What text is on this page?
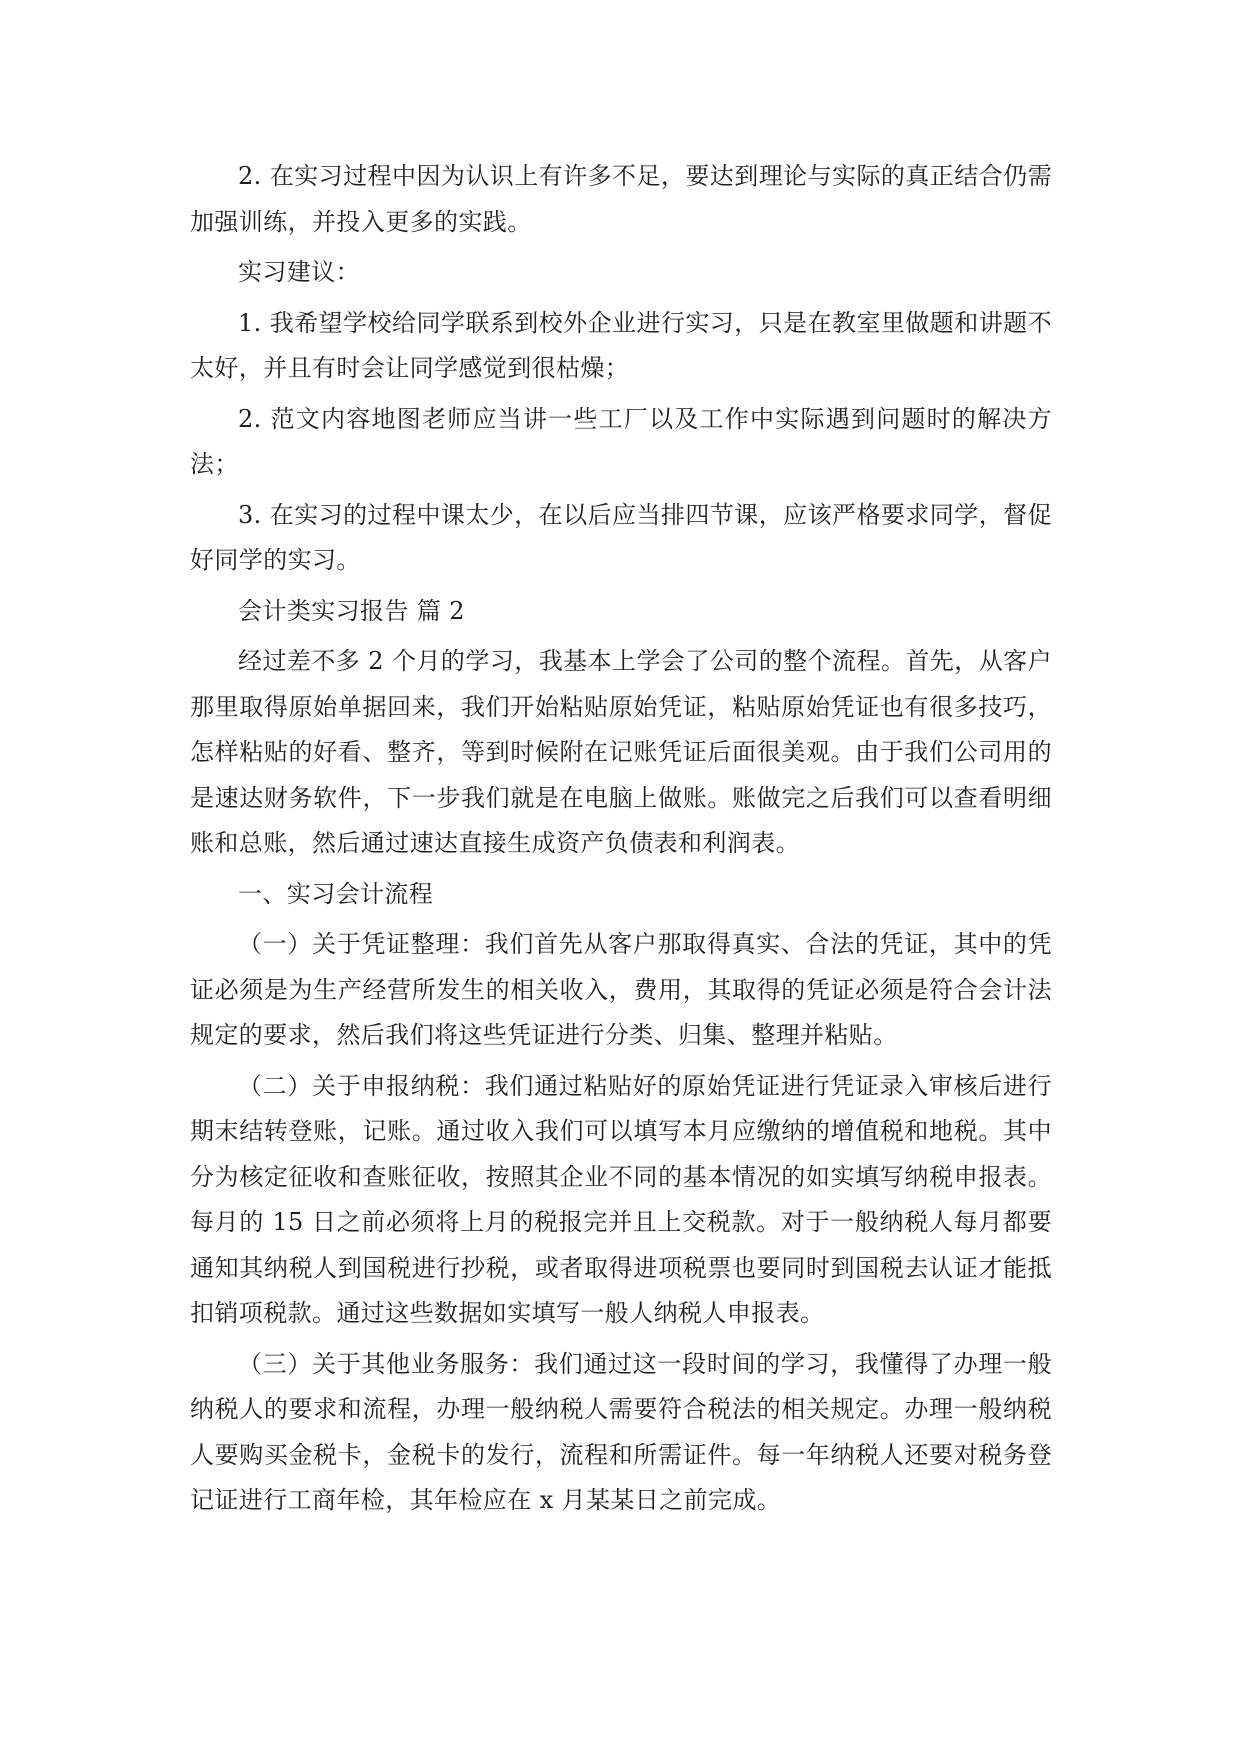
2. 在实习过程中因为认识上有许多不足，要达到理论与实际的真正结合仍需加强训练，并投入更多的实践。

实习建议：

1. 我希望学校给同学联系到校外企业进行实习，只是在教室里做题和讲题不太好，并且有时会让同学感觉到很枯燥；

2. 范文内容地图老师应当讲一些工厂以及工作中实际遇到问题时的解决方法；

3. 在实习的过程中课太少，在以后应当排四节课，应该严格要求同学，督促好同学的实习。

会计类实习报告 篇 2

经过差不多 2 个月的学习，我基本上学会了公司的整个流程。首先，从客户那里取得原始单据回来，我们开始粘贴原始凭证，粘贴原始凭证也有很多技巧，怎样粘贴的好看、整齐，等到时候附在记账凭证后面很美观。由于我们公司用的是速达财务软件，下一步我们就是在电脑上做账。账做完之后我们可以查看明细账和总账，然后通过速达直接生成资产负债表和利润表。

一、实习会计流程

（一）关于凭证整理：我们首先从客户那取得真实、合法的凭证，其中的凭证必须是为生产经营所发生的相关收入，费用，其取得的凭证必须是符合会计法规定的要求，然后我们将这些凭证进行分类、归集、整理并粘贴。

（二）关于申报纳税：我们通过粘贴好的原始凭证进行凭证录入审核后进行期末结转登账，记账。通过收入我们可以填写本月应缴纳的增值税和地税。其中分为核定征收和查账征收，按照其企业不同的基本情况的如实填写纳税申报表。每月的 15 日之前必须将上月的税报完并且上交税款。对于一般纳税人每月都要通知其纳税人到国税进行抄税，或者取得进项税票也要同时到国税去认证才能抵扣销项税款。通过这些数据如实填写一般人纳税人申报表。

（三）关于其他业务服务：我们通过这一段时间的学习，我懂得了办理一般纳税人的要求和流程，办理一般纳税人需要符合税法的相关规定。办理一般纳税人要购买金税卡，金税卡的发行，流程和所需证件。每一年纳税人还要对税务登记证进行工商年检，其年检应在 x 月某某日之前完成。
